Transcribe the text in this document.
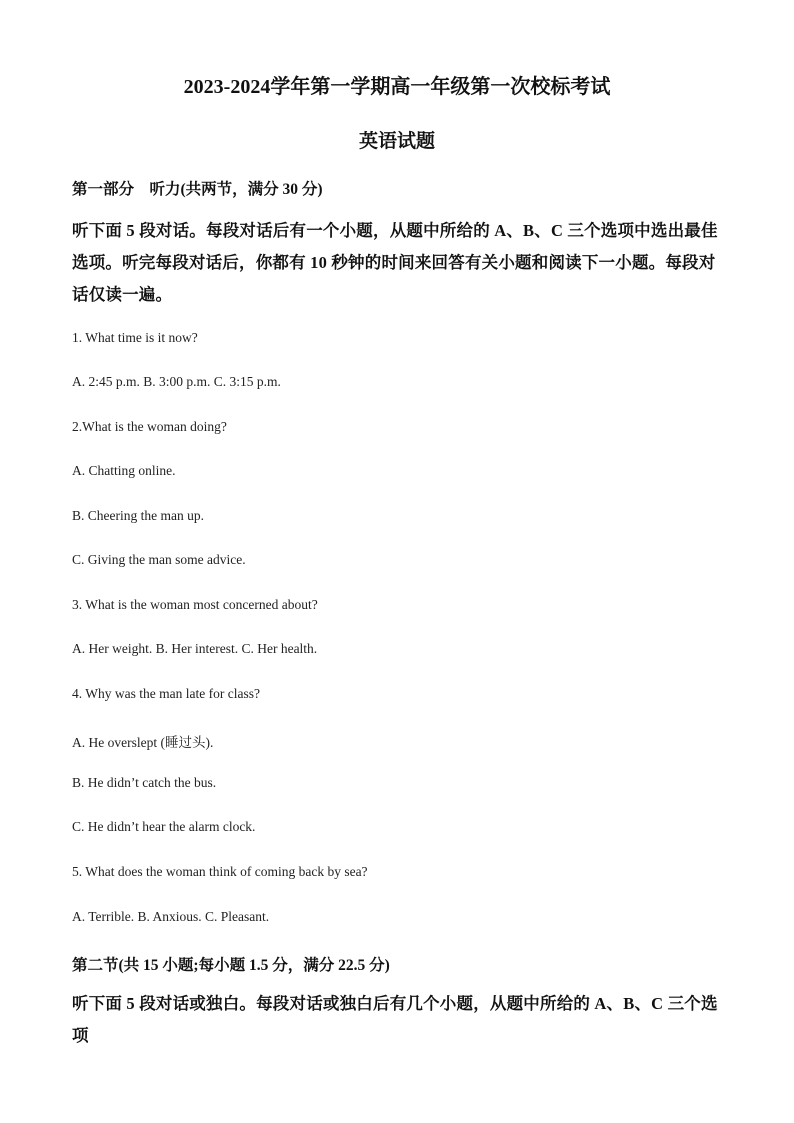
2023-2024学年第一学期高一年级第一次校标考试
英语试题
第一部分　听力(共两节，满分 30 分)
听下面 5 段对话。每段对话后有一个小题，从题中所给的 A、B、C 三个选项中选出最佳选项。听完每段对话后，你都有 10 秒钟的时间来回答有关小题和阅读下一小题。每段对话仅读一遍。
1. What time is it now?
A. 2:45 p.m. B. 3:00 p.m. C. 3:15 p.m.
2.What is the woman doing?
A. Chatting online.
B. Cheering the man up.
C. Giving the man some advice.
3. What is the woman most concerned about?
A. Her weight. B. Her interest. C. Her health.
4. Why was the man late for class?
A. He overslept (睡过头).
B. He didn’t catch the bus.
C. He didn’t hear the alarm clock.
5. What does the woman think of coming back by sea?
A. Terrible. B. Anxious. C. Pleasant.
第二节(共 15 小题;每小题 1.5 分，满分 22.5 分)
听下面 5 段对话或独白。每段对话或独白后有几个小题，从题中所给的 A、B、C 三个选项
